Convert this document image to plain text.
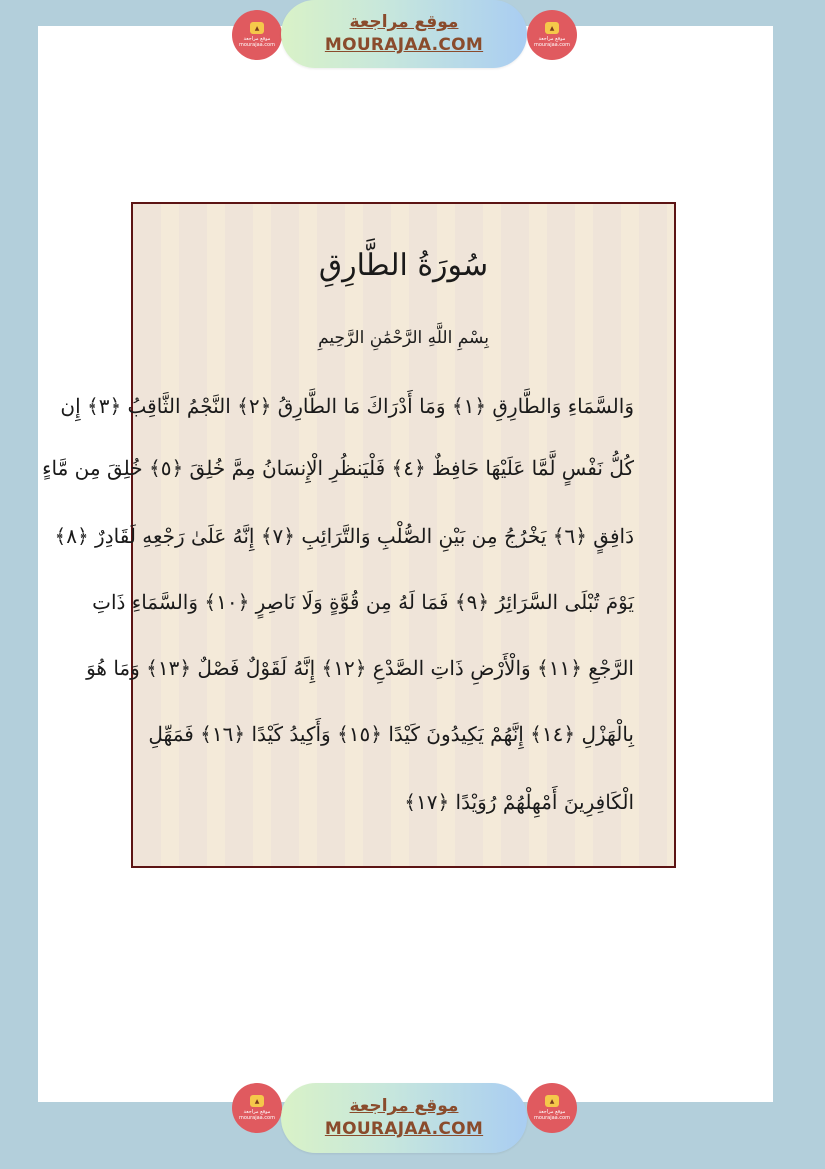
▲
موقع مراجعة
mourajaa.com
موقع مراجعة
MOURAJAA.COM
▲
موقع مراجعة
mourajaa.com
سُورَةُ الطَّارِقِ
بِسْمِ اللَّهِ الرَّحْمَٰنِ الرَّحِيمِ
وَالسَّمَاءِ وَالطَّارِقِ ﴿١﴾ وَمَا أَدْرَاكَ مَا الطَّارِقُ ﴿٢﴾ النَّجْمُ الثَّاقِبُ ﴿٣﴾ إِن
كُلُّ نَفْسٍ لَّمَّا عَلَيْهَا حَافِظٌ ﴿٤﴾ فَلْيَنظُرِ الْإِنسَانُ مِمَّ خُلِقَ ﴿٥﴾ خُلِقَ مِن مَّاءٍ
دَافِقٍ ﴿٦﴾ يَخْرُجُ مِن بَيْنِ الصُّلْبِ وَالتَّرَائِبِ ﴿٧﴾ إِنَّهُ عَلَىٰ رَجْعِهِ لَقَادِرٌ ﴿٨﴾
يَوْمَ تُبْلَى السَّرَائِرُ ﴿٩﴾ فَمَا لَهُ مِن قُوَّةٍ وَلَا نَاصِرٍ ﴿١٠﴾ وَالسَّمَاءِ ذَاتِ
الرَّجْعِ ﴿١١﴾ وَالْأَرْضِ ذَاتِ الصَّدْعِ ﴿١٢﴾ إِنَّهُ لَقَوْلٌ فَصْلٌ ﴿١٣﴾ وَمَا هُوَ
بِالْهَزْلِ ﴿١٤﴾ إِنَّهُمْ يَكِيدُونَ كَيْدًا ﴿١٥﴾ وَأَكِيدُ كَيْدًا ﴿١٦﴾ فَمَهِّلِ
الْكَافِرِينَ أَمْهِلْهُمْ رُوَيْدًا ﴿١٧﴾
▲
موقع مراجعة
mourajaa.com
موقع مراجعة
MOURAJAA.COM
▲
موقع مراجعة
mourajaa.com
